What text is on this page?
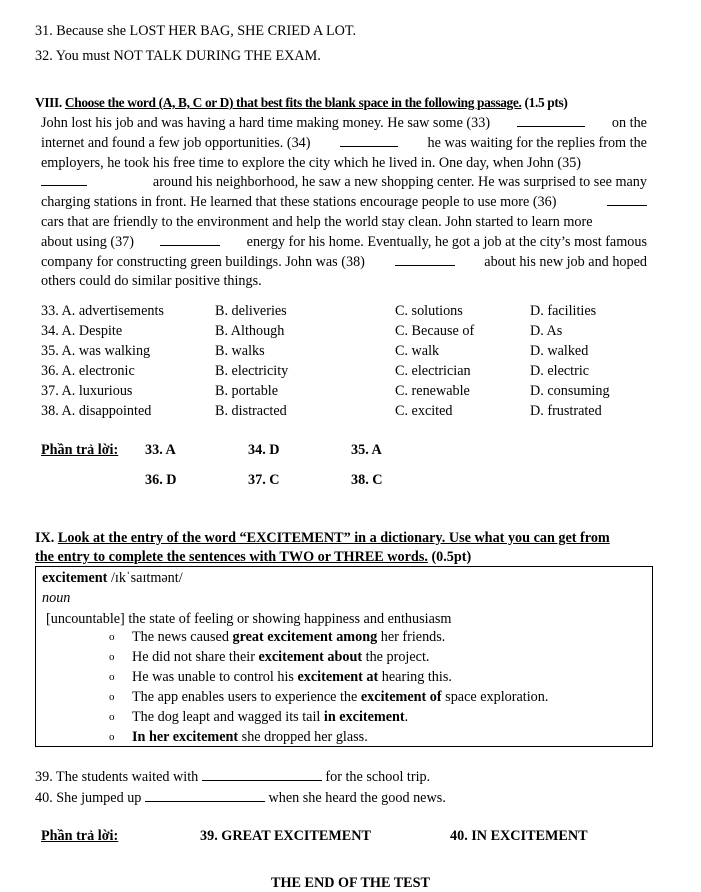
31. Because she LOST HER BAG, SHE CRIED A LOT.
32. You must NOT TALK DURING THE EXAM.
VIII. Choose the word (A, B, C or D) that best fits the blank space in the following passage. (1.5 pts)
John lost his job and was having a hard time making money. He saw some (33)	on the
internet and found a few job opportunities. (34)	he was waiting for the replies from the
employers, he took his free time to explore the city which he lived in. One day, when John (35)
around his neighborhood, he saw a new shopping center. He was surprised to see many
charging stations in front. He learned that these stations encourage people to use more (36)
cars that are friendly to the environment and help the world stay clean. John started to learn more
about using (37)	energy for his home. Eventually, he got a job at the city’s most famous
company for constructing green buildings. John was (38)	about his new job and hoped
others could do similar positive things.
33. A. advertisements	B. deliveries	C. solutions	D. facilities
34. A. Despite	B. Although	C. Because of	D. As
35. A. was walking	B. walks	C. walk	D. walked
36. A. electronic	B. electricity	C. electrician	D. electric
37. A. luxurious	B. portable	C. renewable	D. consuming
38. A. disappointed	B. distracted	C. excited	D. frustrated
Phần trả lời: 33. A	34. D	35. A
36. D	37. C	38. C
IX. Look at the entry of the word “EXCITEMENT” in a dictionary. Use what you can get from
the entry to complete the sentences with TWO or THREE words. (0.5pt)
excitement /ɪkˈsaɪtmənt/
noun
[uncountable] the state of feeling or showing happiness and enthusiasm
o The news caused great excitement among her friends.
o He did not share their excitement about the project.
o He was unable to control his excitement at hearing this.
o The app enables users to experience the excitement of space exploration.
o The dog leapt and wagged its tail in excitement.
o In her excitement she dropped her glass.
39. The students waited with	for the school trip.
40. She jumped up	when she heard the good news.
Phần trả lời:	39. GREAT EXCITEMENT	40. IN EXCITEMENT
THE END OF THE TEST
